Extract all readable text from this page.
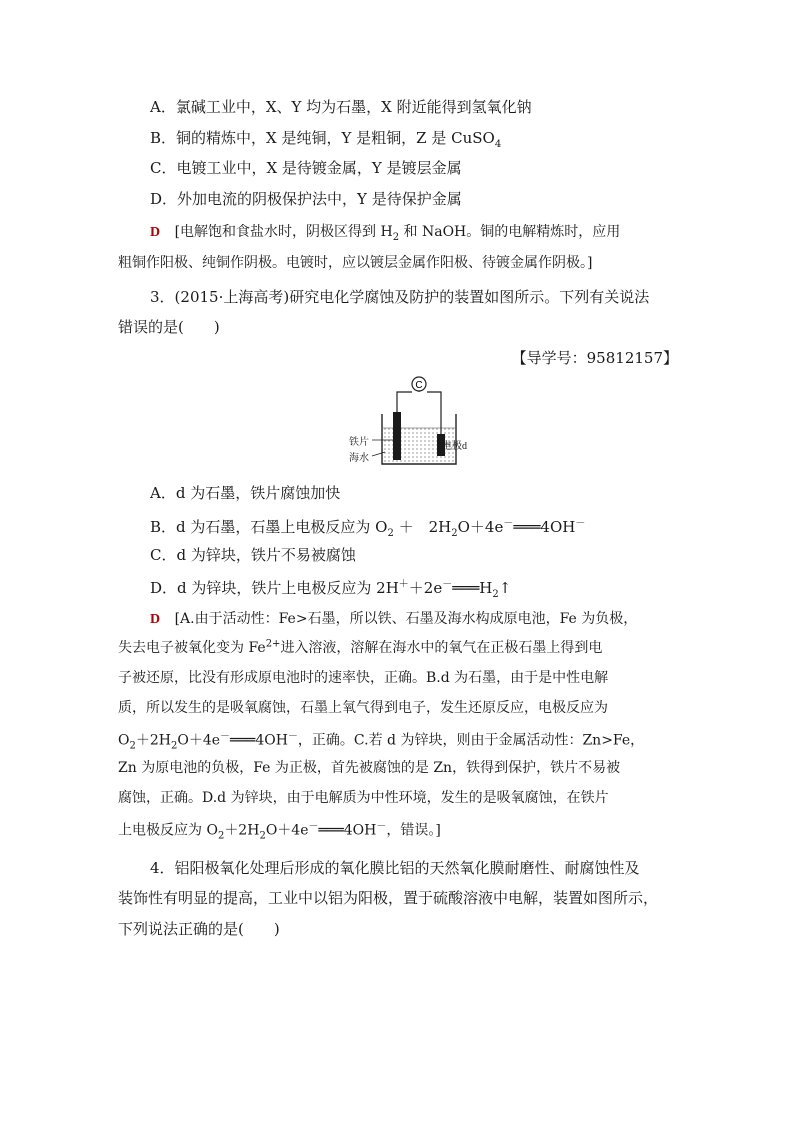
A．氯碱工业中，X、Y 均为石墨，X 附近能得到氢氧化钠
B．铜的精炼中，X 是纯铜，Y 是粗铜，Z 是 CuSO$_4$
C．电镀工业中，X 是待镀金属，Y 是镀层金属
D．外加电流的阴极保护法中，Y 是待保护金属
D [电解饱和食盐水时，阴极区得到 $H_2$ 和 NaOH。铜的电解精炼时，应用
粗铜作阳极、纯铜作阴极。电镀时，应以镀层金属作阳极、待镀金属作阴极。]
3．(2015·上海高考)研究电化学腐蚀及防护的装置如图所示。下列有关说法
错误的是(　　)
【导学号：95812157】
C
铁片
海水
电极d
A．d 为石墨，铁片腐蚀加快
B．d 为石墨，石墨上电极反应为 $O_2$ ＋　$2H_2O+4e^-═══4OH^-$
C．d 为锌块，铁片不易被腐蚀
D．d 为锌块，铁片上电极反应为 $2H^++2e^-═══H_2↑$
D [A.由于活动性：Fe>石墨，所以铁、石墨及海水构成原电池，Fe 为负极，
失去电子被氧化变为 $Fe^{2+}$进入溶液，溶解在海水中的氧气在正极石墨上得到电
子被还原，比没有形成原电池时的速率快，正确。B.d 为石墨，由于是中性电解
质，所以发生的是吸氧腐蚀，石墨上氧气得到电子，发生还原反应，电极反应为
$O_2+2H_2O+4e^-═══4OH^-$，正确。C.若 d 为锌块，则由于金属活动性：Zn>Fe，
Zn 为原电池的负极，Fe 为正极，首先被腐蚀的是 Zn，铁得到保护，铁片不易被
腐蚀，正确。D.d 为锌块，由于电解质为中性环境，发生的是吸氧腐蚀，在铁片
上电极反应为 $O_2+2H_2O+4e^-═══4OH^-$，错误。]
4．铝阳极氧化处理后形成的氧化膜比铝的天然氧化膜耐磨性、耐腐蚀性及
装饰性有明显的提高，工业中以铝为阳极，置于硫酸溶液中电解，装置如图所示，
下列说法正确的是(　　)
